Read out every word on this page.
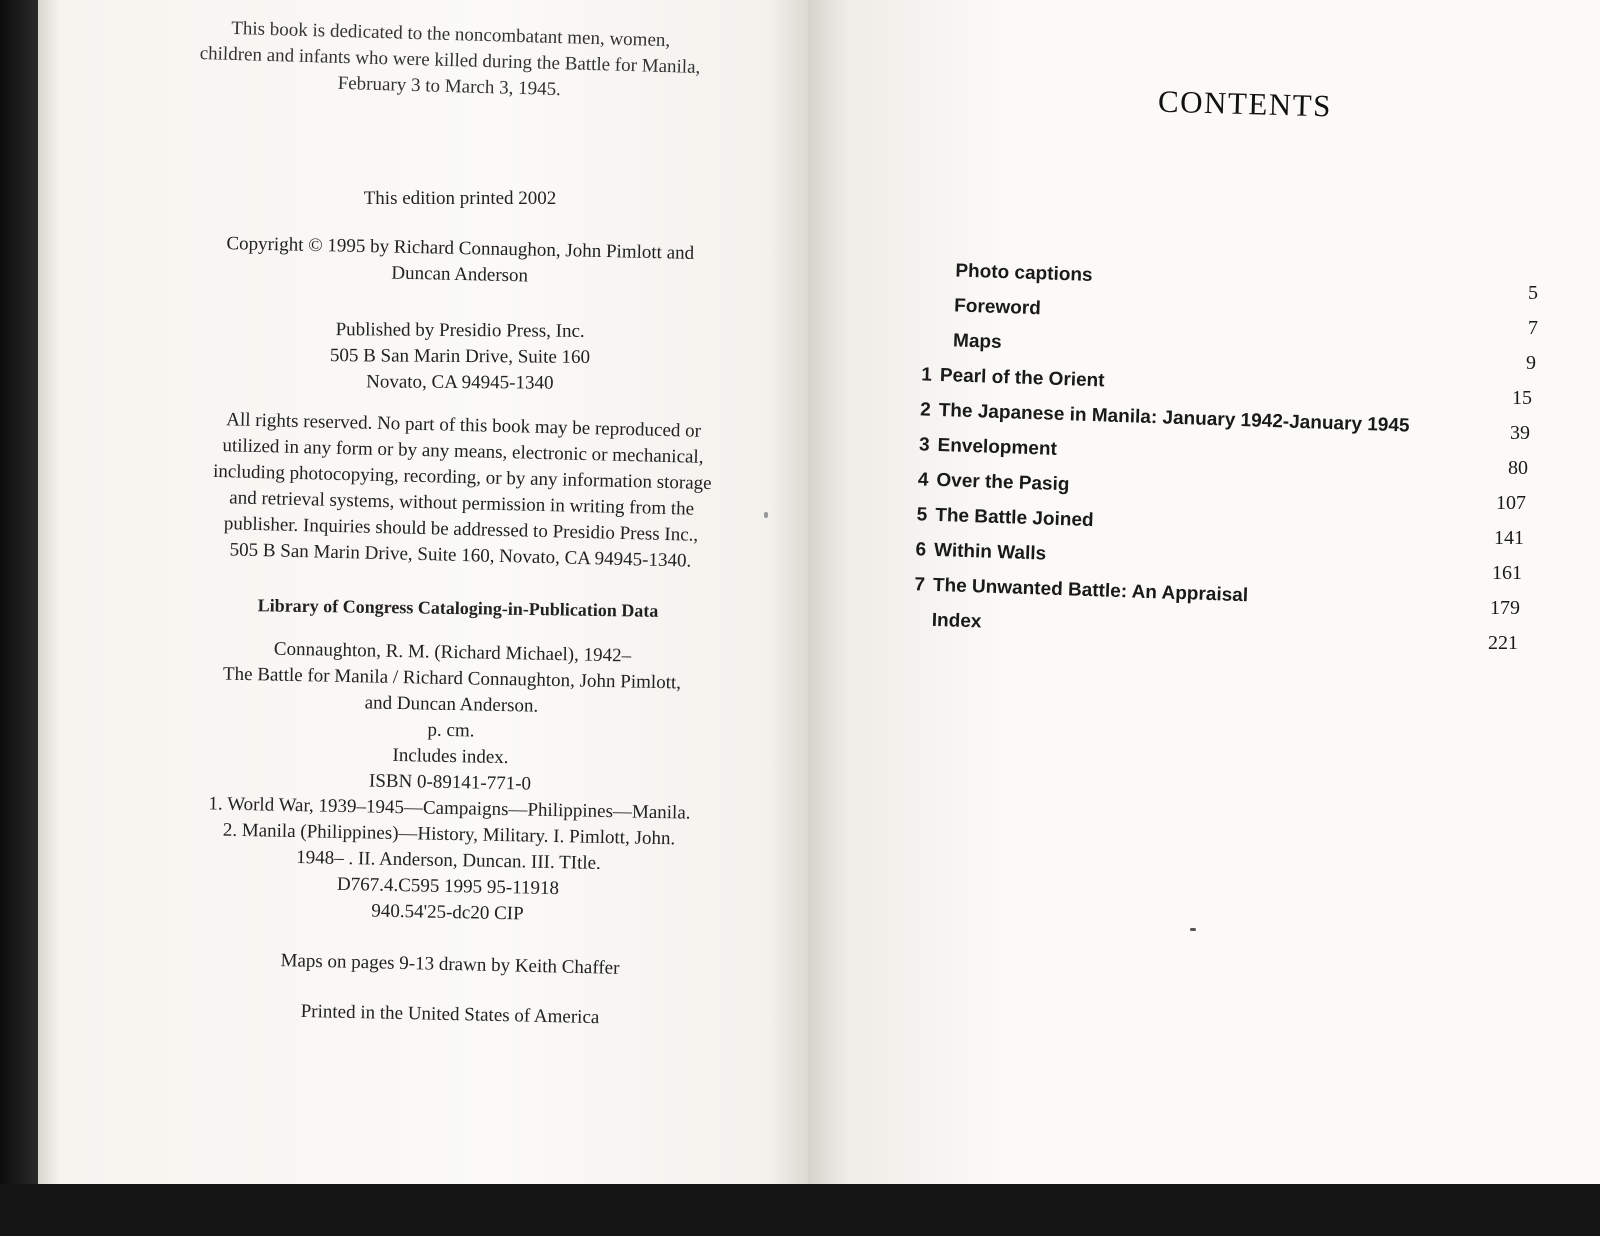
This book is dedicated to the noncombatant men, women,
children and infants who were killed during the Battle for Manila,
February 3 to March 3, 1945.
This edition printed 2002
Copyright © 1995 by Richard Connaughon, John Pimlott and
Duncan Anderson
Published by Presidio Press, Inc.
505 B San Marin Drive, Suite 160
Novato, CA 94945-1340
All rights reserved. No part of this book may be reproduced or
utilized in any form or by any means, electronic or mechanical,
including photocopying, recording, or by any information storage
and retrieval systems, without permission in writing from the
publisher. Inquiries should be addressed to Presidio Press Inc.,
505 B San Marin Drive, Suite 160, Novato, CA 94945-1340.
Library of Congress Cataloging-in-Publication Data
Connaughton, R. M. (Richard Michael), 1942–
The Battle for Manila / Richard Connaughton, John Pimlott,
and Duncan Anderson.
p. cm.
Includes index.
ISBN 0-89141-771-0
1. World War, 1939–1945—Campaigns—Philippines—Manila.
2. Manila (Philippines)—History, Military. I. Pimlott, John.
1948– . II. Anderson, Duncan. III. TItle.
D767.4.C595 1995 95-11918
940.54'25-dc20 CIP
Maps on pages 9-13 drawn by Keith Chaffer
Printed in the United States of America
CONTENTS
Photo captions
Foreword
Maps
1 Pearl of the Orient
2 The Japanese in Manila: January 1942-January 1945
3 Envelopment
4 Over the Pasig
5 The Battle Joined
6 Within Walls
7 The Unwanted Battle: An Appraisal
Index
5
7
9
15
39
80
107
141
161
179
221
